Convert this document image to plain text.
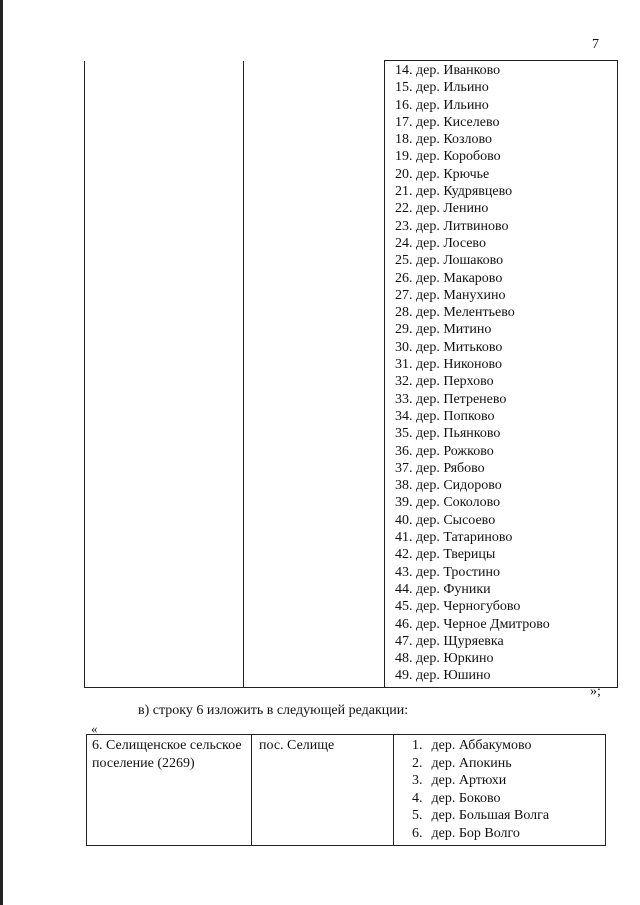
7

14. дер. Иванково
15. дер. Ильино
16. дер. Ильино
17. дер. Киселево
18. дер. Козлово
19. дер. Коробово
20. дер. Крючье
21. дер. Кудрявцево
22. дер. Ленино
23. дер. Литвиново
24. дер. Лосево
25. дер. Лошаково
26. дер. Макарово
27. дер. Манухино
28. дер. Мелентьево
29. дер. Митино
30. дер. Митьково
31. дер. Никоново
32. дер. Перхово
33. дер. Петренево
34. дер. Попково
35. дер. Пьянково
36. дер. Рожково
37. дер. Рябово
38. дер. Сидорово
39. дер. Соколово
40. дер. Сысоево
41. дер. Татариново
42. дер. Тверицы
43. дер. Тростино
44. дер. Фуники
45. дер. Черногубово
46. дер. Черное Дмитрово
47. дер. Щуряевка
48. дер. Юркино
49. дер. Юшино
»;
в) строку 6 изложить в следующей редакции:
«
6. Селищенское сельское поселение (2269)	пос. Селище	1. дер. Аббакумово
2. дер. Апокинь
3. дер. Артюхи
4. дер. Боково
5. дер. Большая Волга
6. дер. Бор Волго
